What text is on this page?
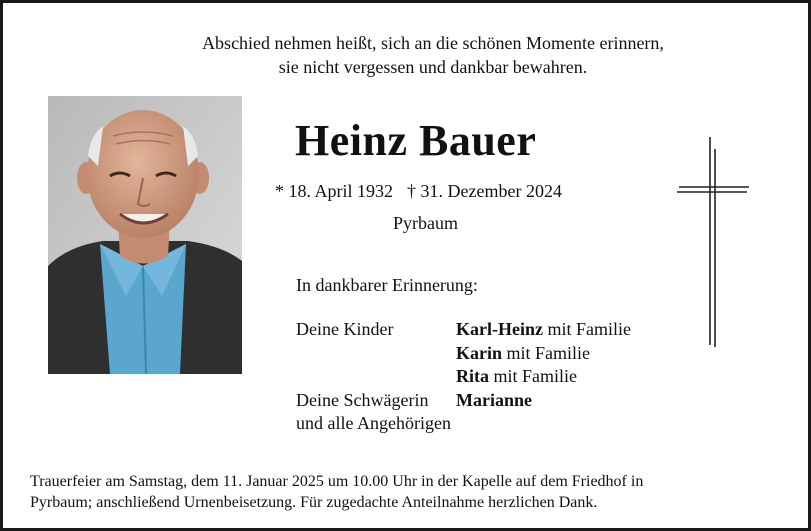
Abschied nehmen heißt, sich an die schönen Momente erinnern,
sie nicht vergessen und dankbar bewahren.
Heinz Bauer
* 18. April 1932 † 31. Dezember 2024
Pyrbaum
In dankbarer Erinnerung:
Deine Kinder	Karl-Heinz mit Familie
Karin mit Familie
Rita mit Familie
Deine Schwägerin	Marianne
und alle Angehörigen
Trauerfeier am Samstag, dem 11. Januar 2025 um 10.00 Uhr in der Kapelle auf dem Friedhof in
Pyrbaum; anschließend Urnenbeisetzung. Für zugedachte Anteilnahme herzlichen Dank.
